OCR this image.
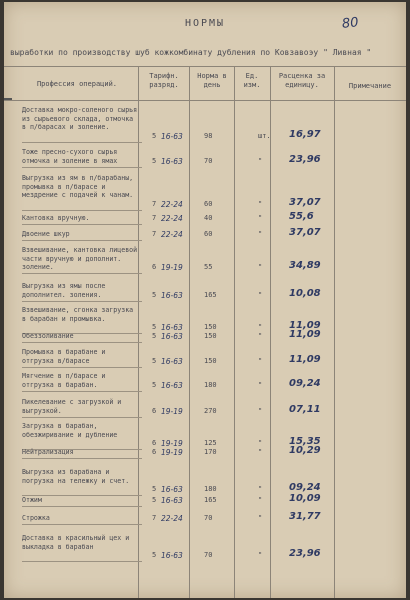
НОРМЫ	80
выработки по производству шуб кожкомбинату дубления по Ковзавоэу " Ливная "
Профессия операций.
Тарифн. разряд.
Норма в день
Ед. изм.
Расценка за единицу.	Примечание
Доставка мокро-соленого сырья из сырьевого склада, отмочка в п/барасах и золение.
5 16-63	98	шт. 16,97
Тоже пресно-сухого сырья отмочка и золение в ямах	5 16-63	70	"	23,96
Выгрузка из ям в п/барабаны, промывка в п/барасе и мездрение с подачей к чанам.
7 22-24	60	"	37,07
Кантовка вручную.	7 22-24	40	"	55,6
Двоение шкур	7 22-24	60	"	37,07
Взвешивание, кантовка лицевой части вручную и дополнит. золение.	6 19-19	55	"	34,89
Выгрузка из ямы после дополнител. золения.	5 16-63	165	"	10,08
Взвешивание, сгонка загрузка в барабан и промывка.
5 16-63	150	"	11,09
Обеззоливание	5 16-63	150	"	11,09
Промывка в барабане и отгрузка в/барасе	5 16-63	150	"	11,09
Мягчение в п/барасе и отгрузка в барабан.	5 16-63	180	"	09,24
Пикелевание с загрузкой и выгрузкой.	6 19-19	270	"	07,11
Загрузка в барабан, обезжиривание и дубление
6 19-19	125	"	15,35
Нейтрализация	6 19-19	170	"	10,29
Выгрузка из барабана и погрузка на тележку и счет.
5 16-63	180	"	09,24
Отжим	5 16-63	165	"	10,09
Строжка	7 22-24	70	"	31,77
Доставка в красильный цех и выкладка в барабан
5 16-63	70	"	23,96
